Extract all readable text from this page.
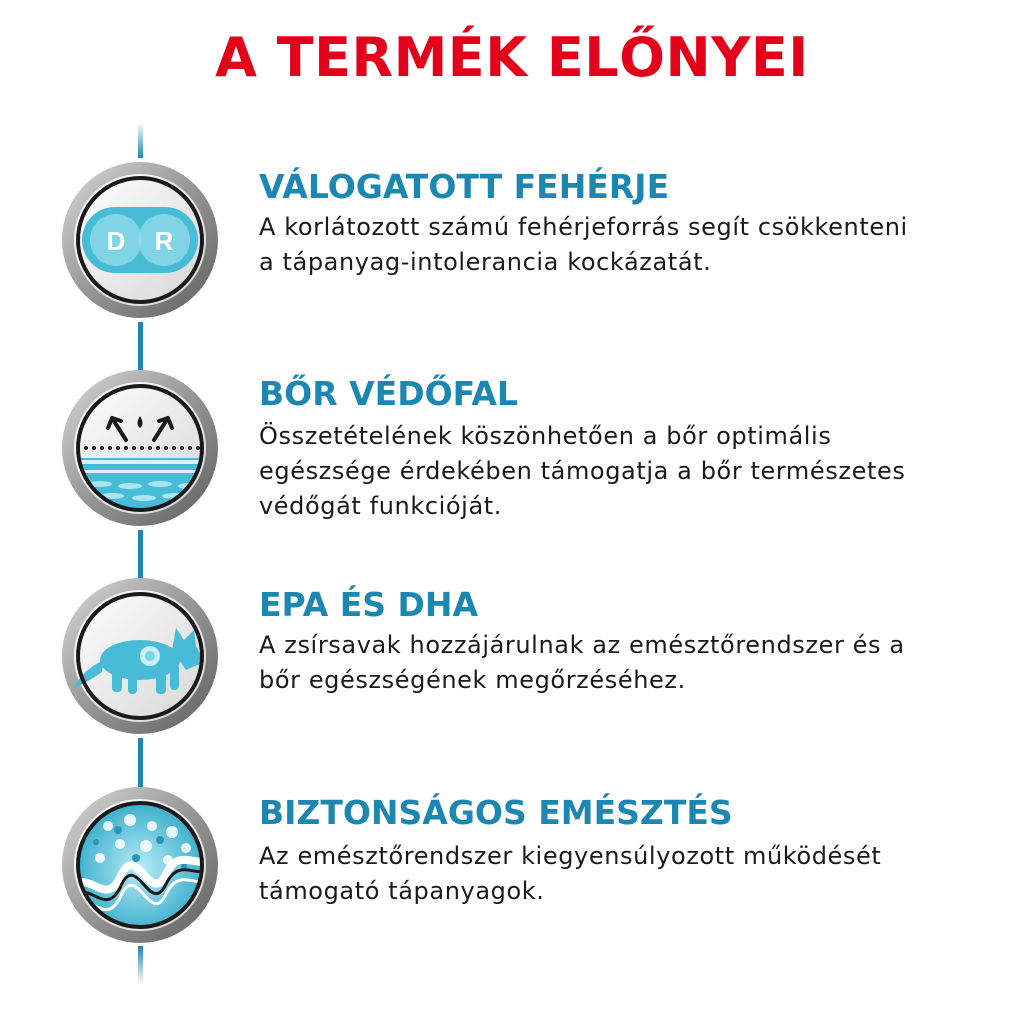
A TERMÉK ELŐNYEI
D R
VÁLOGATOTT FEHÉRJE

A korlátozott számú fehérjeforrás segít csökkenteni
a tápanyag-intolerancia kockázatát.

BŐR VÉDŐFAL

Összetételének köszönhetően a bőr optimális
egészsége érdekében támogatja a bőr természetes
védőgát funkcióját.

EPA ÉS DHA

A zsírsavak hozzájárulnak az emésztőrendszer és a
bőr egészségének megőrzéséhez.

BIZTONSÁGOS EMÉSZTÉS

Az emésztőrendszer kiegyensúlyozott működését
támogató tápanyagok.
